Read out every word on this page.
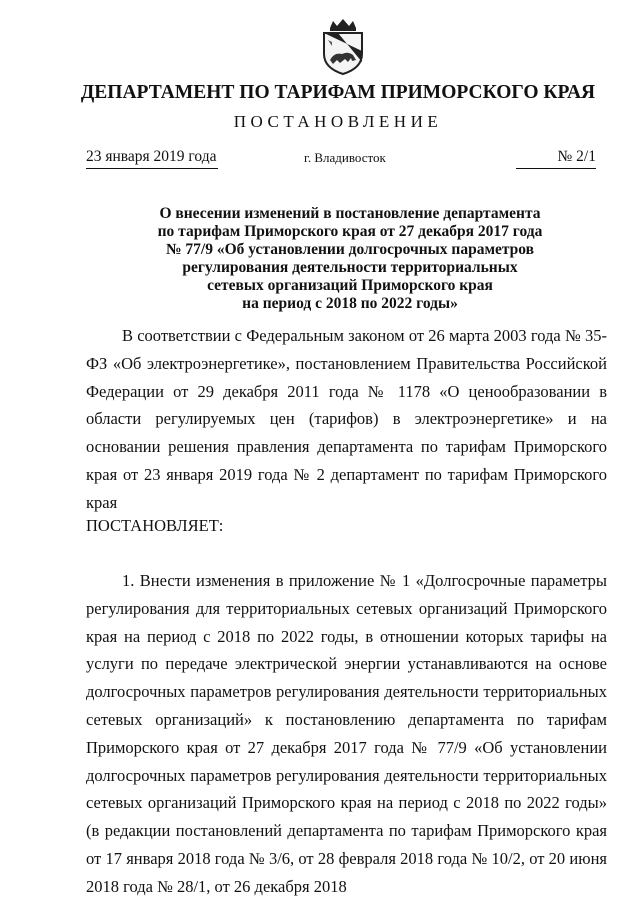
ДЕПАРТАМЕНТ ПО ТАРИФАМ ПРИМОРСКОГО КРАЯ
ПОСТАНОВЛЕНИЕ
23 января 2019 года	г. Владивосток	№ 2/1
О внесении изменений в постановление департамента
по тарифам Приморского края от 27 декабря 2017 года
№ 77/9 «Об установлении долгосрочных параметров
регулирования деятельности территориальных
сетевых организаций Приморского края
на период с 2018 по 2022 годы»
В соответствии с Федеральным законом от 26 марта 2003 года № 35-ФЗ «Об электроэнергетике», постановлением Правительства Российской Федерации от 29 декабря 2011 года № 1178 «О ценообразовании в области регулируемых цен (тарифов) в электроэнергетике» и на основании решения правления департамента по тарифам Приморского края от 23 января 2019 года № 2 департамент по тарифам Приморского края
ПОСТАНОВЛЯЕТ:
1. Внести изменения в приложение № 1 «Долгосрочные параметры регулирования для территориальных сетевых организаций Приморского края на период с 2018 по 2022 годы, в отношении которых тарифы на услуги по передаче электрической энергии устанавливаются на основе долгосрочных параметров регулирования деятельности территориальных сетевых организаций» к постановлению департамента по тарифам Приморского края от 27 декабря 2017 года № 77/9 «Об установлении долгосрочных параметров регулирования деятельности территориальных сетевых организаций Приморского края на период с 2018 по 2022 годы» (в редакции постановлений департамента по тарифам Приморского края от 17 января 2018 года № 3/6, от 28 февраля 2018 года № 10/2, от 20 июня 2018 года № 28/1, от 26 декабря 2018
